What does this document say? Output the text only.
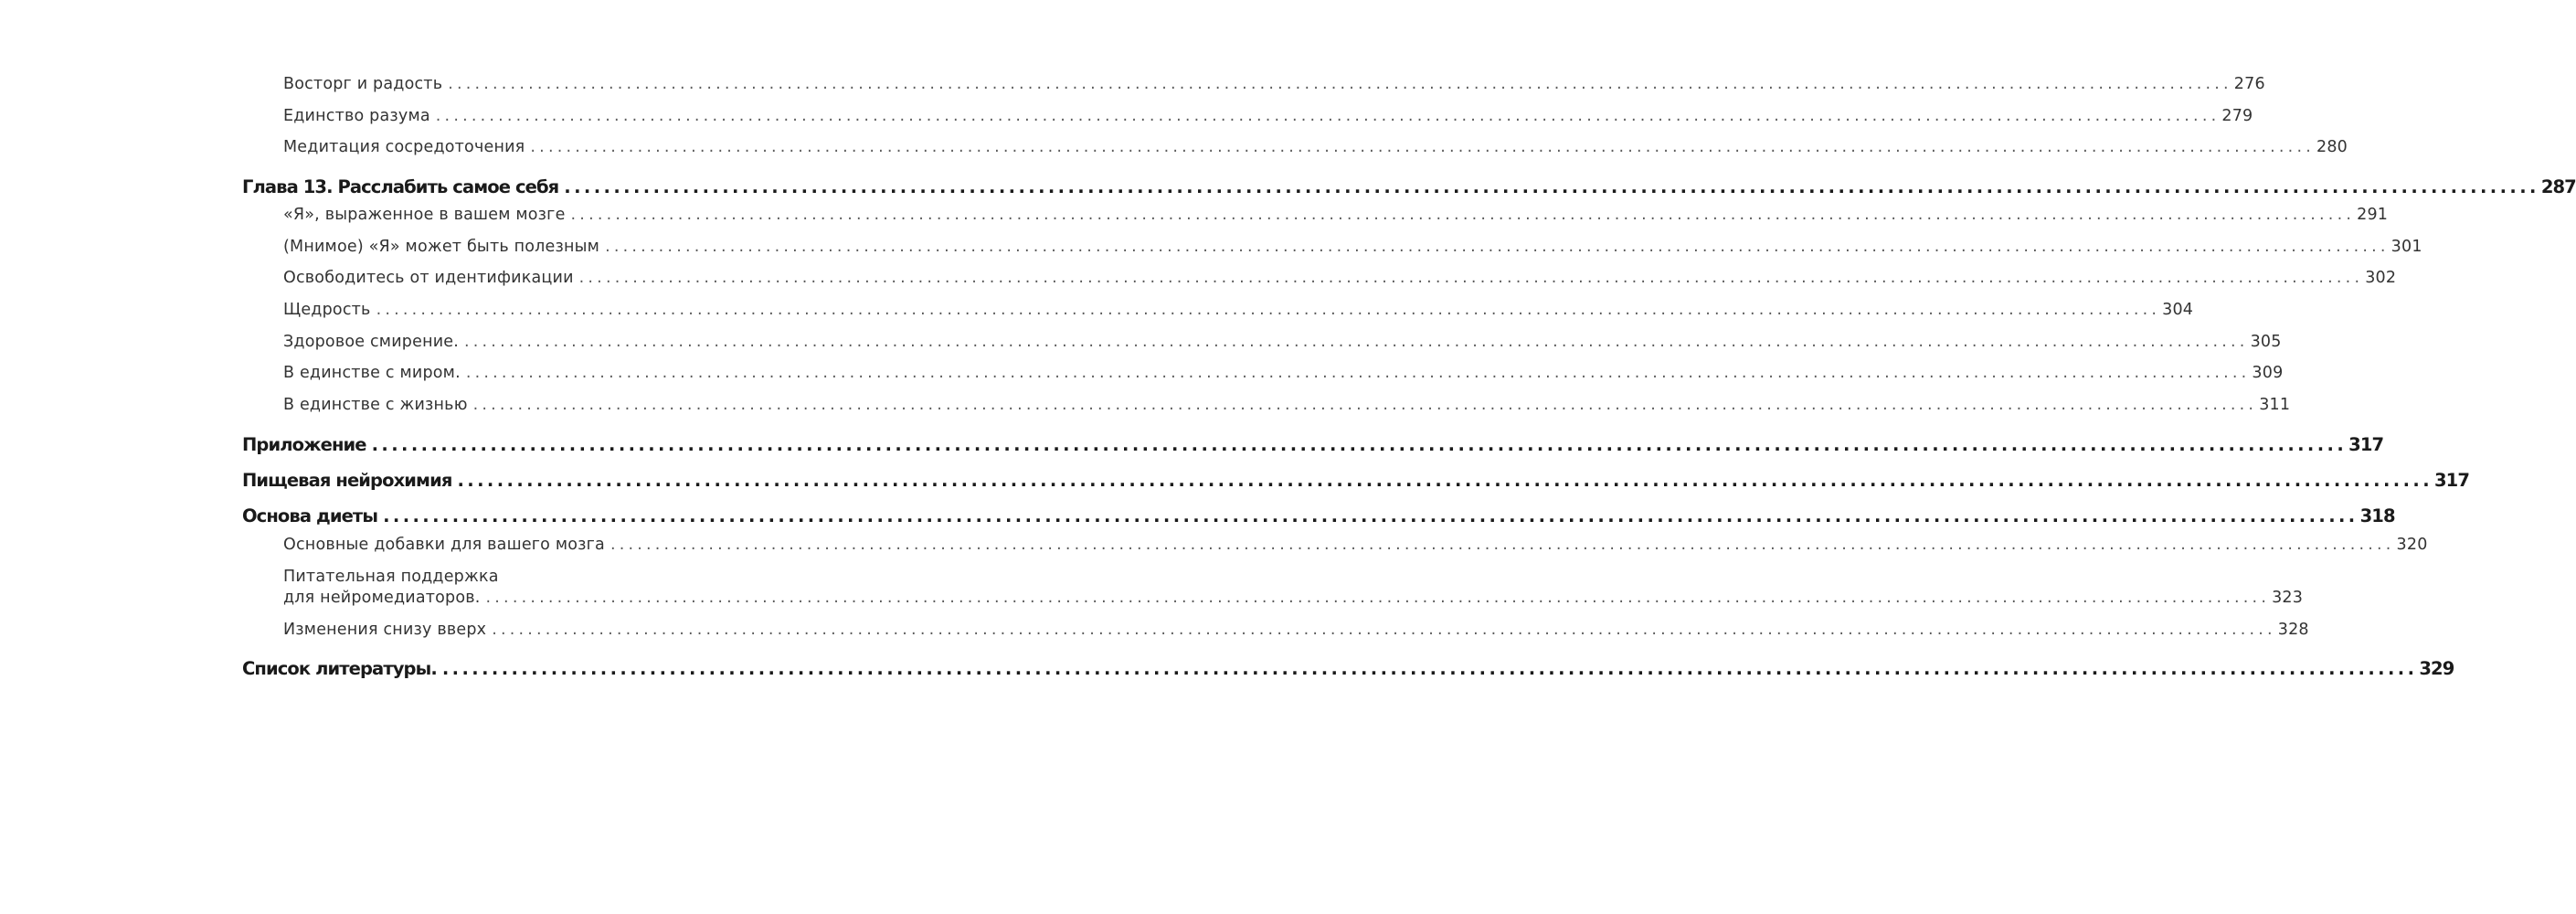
Восторг и радость ........................................................................................................................................................................................................ 276
Единство разума ........................................................................................................................................................................................................ 279
Медитация сосредоточения ........................................................................................................................................................................................................ 280
Глава 13. Расслабить самое себя ........................................................................................................................................................................................................ 287
«Я», выраженное в вашем мозге ........................................................................................................................................................................................................ 291
(Мнимое) «Я» может быть полезным ........................................................................................................................................................................................................ 301
Освободитесь от идентификации ........................................................................................................................................................................................................ 302
Щедрость ........................................................................................................................................................................................................ 304
Здоровое смирение. ........................................................................................................................................................................................................ 305
В единстве с миром. ........................................................................................................................................................................................................ 309
В единстве с жизнью ........................................................................................................................................................................................................ 311
Приложение ........................................................................................................................................................................................................ 317
Пищевая нейрохимия ........................................................................................................................................................................................................ 317
Основа диеты ........................................................................................................................................................................................................ 318
Основные добавки для вашего мозга ........................................................................................................................................................................................................ 320
Питательная поддержка
для нейромедиаторов. ........................................................................................................................................................................................................ 323
Изменения снизу вверх ........................................................................................................................................................................................................ 328
Список литературы. ........................................................................................................................................................................................................ 329
